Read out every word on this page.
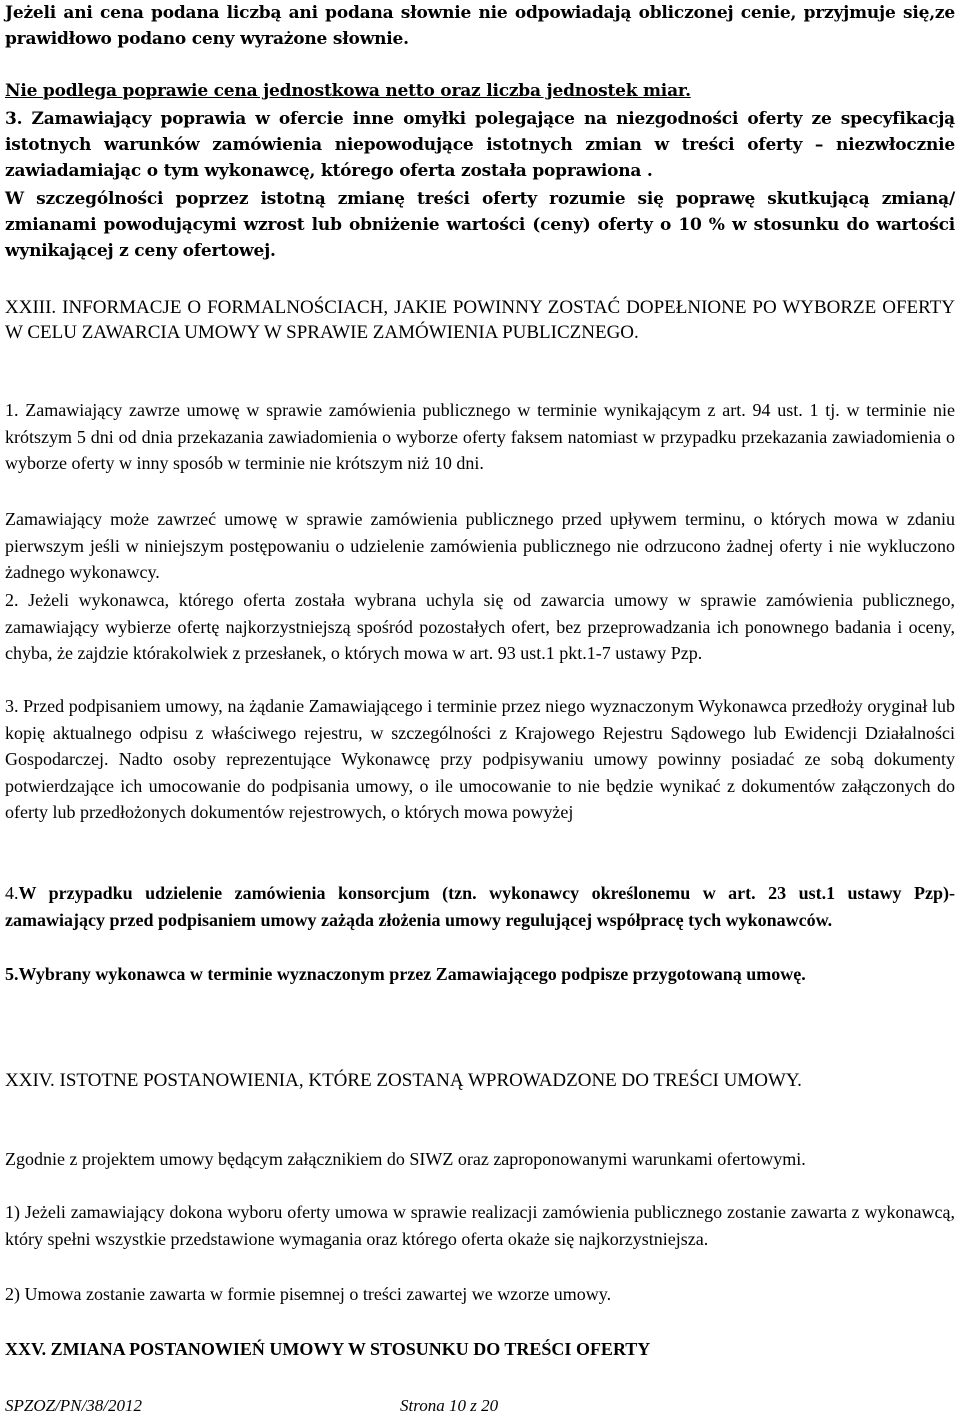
Jeżeli ani cena podana liczbą ani podana słownie nie odpowiadają obliczonej cenie, przyjmuje się,ze prawidłowo podano ceny wyrażone słownie.

Nie podlega poprawie cena jednostkowa netto oraz liczba jednostek miar.

3. Zamawiający poprawia w ofercie inne omyłki polegające na niezgodności oferty ze specyfikacją istotnych warunków zamówienia niepowodujące istotnych zmian w treści oferty – niezwłocznie zawiadamiając o tym wykonawcę, którego oferta została poprawiona .

W szczególności poprzez istotną zmianę treści oferty rozumie się poprawę skutkującą zmianą/ zmianami powodującymi wzrost lub obniżenie wartości (ceny) oferty o 10 % w stosunku do wartości wynikającej z ceny ofertowej.

XXIII. INFORMACJE O FORMALNOŚCIACH, JAKIE POWINNY ZOSTAĆ DOPEŁNIONE PO WYBORZE OFERTY W CELU ZAWARCIA UMOWY W SPRAWIE ZAMÓWIENIA PUBLICZNEGO.

1. Zamawiający zawrze umowę w sprawie zamówienia publicznego w terminie wynikającym z art. 94 ust. 1 tj. w terminie nie krótszym 5 dni od dnia przekazania zawiadomienia o wyborze oferty faksem natomiast w przypadku przekazania zawiadomienia o wyborze oferty w inny sposób w terminie nie krótszym niż 10 dni.

Zamawiający może zawrzeć umowę w sprawie zamówienia publicznego przed upływem terminu, o których mowa w zdaniu pierwszym jeśli w niniejszym postępowaniu o udzielenie zamówienia publicznego nie odrzucono żadnej oferty i nie wykluczono żadnego wykonawcy.

2. Jeżeli wykonawca, którego oferta została wybrana uchyla się od zawarcia umowy w sprawie zamówienia publicznego, zamawiający wybierze ofertę najkorzystniejszą spośród pozostałych ofert, bez przeprowadzania ich ponownego badania i oceny, chyba, że zajdzie którakolwiek z przesłanek, o których mowa w art. 93 ust.1 pkt.1-7 ustawy Pzp.

3. Przed podpisaniem umowy, na żądanie Zamawiającego i terminie przez niego wyznaczonym Wykonawca przedłoży oryginał lub kopię aktualnego odpisu z właściwego rejestru, w szczególności z Krajowego Rejestru Sądowego lub Ewidencji Działalności Gospodarczej. Nadto osoby reprezentujące Wykonawcę przy podpisywaniu umowy powinny posiadać ze sobą dokumenty potwierdzające ich umocowanie do podpisania umowy, o ile umocowanie to nie będzie wynikać z dokumentów załączonych do oferty lub przedłożonych dokumentów rejestrowych, o których mowa powyżej

4.W przypadku udzielenie zamówienia konsorcjum (tzn. wykonawcy określonemu w art. 23 ust.1 ustawy Pzp)- zamawiający przed podpisaniem umowy zażąda złożenia umowy regulującej współpracę tych wykonawców.

5.Wybrany wykonawca w terminie wyznaczonym przez Zamawiającego podpisze przygotowaną umowę.

XXIV. ISTOTNE POSTANOWIENIA, KTÓRE ZOSTANĄ WPROWADZONE DO TREŚCI UMOWY.

Zgodnie z projektem umowy będącym załącznikiem do SIWZ oraz zaproponowanymi warunkami ofertowymi.

1) Jeżeli zamawiający dokona wyboru oferty umowa w sprawie realizacji zamówienia publicznego zostanie zawarta z wykonawcą, który spełni wszystkie przedstawione wymagania oraz którego oferta okaże się najkorzystniejsza.

2) Umowa zostanie zawarta w formie pisemnej o treści zawartej we wzorze umowy.

XXV. ZMIANA POSTANOWIEŃ UMOWY W STOSUNKU DO TREŚCI OFERTY

SPZOZ/PN/38/2012	Strona 10 z 20
